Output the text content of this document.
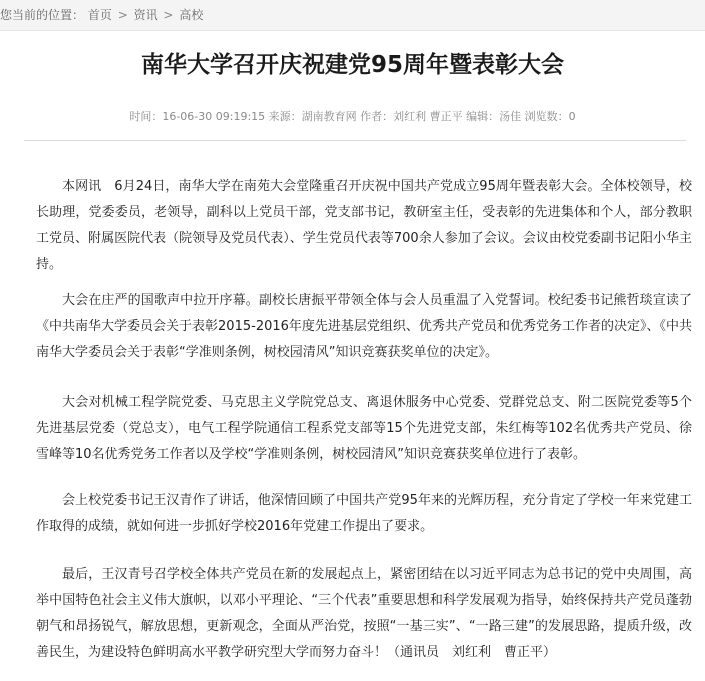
您当前的位置： 首页 > 资讯 > 高校
南华大学召开庆祝建党95周年暨表彰大会
时间：16-06-30 09:19:15 来源：湖南教育网 作者：刘红利 曹正平 编辑：汤佳 浏览数：0

本网讯　6月24日，南华大学在南苑大会堂隆重召开庆祝中国共产党成立95周年暨表彰大会。全体校领导，校长助理，党委委员，老领导，副科以上党员干部，党支部书记，教研室主任，受表彰的先进集体和个人，部分教职工党员、附属医院代表（院领导及党员代表）、学生党员代表等700余人参加了会议。会议由校党委副书记阳小华主持。

大会在庄严的国歌声中拉开序幕。副校长唐振平带领全体与会人员重温了入党誓词。校纪委书记熊哲琰宣读了《中共南华大学委员会关于表彰2015-2016年度先进基层党组织、优秀共产党员和优秀党务工作者的决定》、《中共南华大学委员会关于表彰“学准则条例，树校园清风”知识竞赛获奖单位的决定》。

大会对机械工程学院党委、马克思主义学院党总支、离退休服务中心党委、党群党总支、附二医院党委等5个先进基层党委（党总支），电气工程学院通信工程系党支部等15个先进党支部，朱红梅等102名优秀共产党员、徐雪峰等10名优秀党务工作者以及学校“学准则条例，树校园清风”知识竞赛获奖单位进行了表彰。

会上校党委书记王汉青作了讲话，他深情回顾了中国共产党95年来的光辉历程，充分肯定了学校一年来党建工作取得的成绩，就如何进一步抓好学校2016年党建工作提出了要求。

最后，王汉青号召学校全体共产党员在新的发展起点上，紧密团结在以习近平同志为总书记的党中央周围，高举中国特色社会主义伟大旗帜，以邓小平理论、“三个代表”重要思想和科学发展观为指导，始终保持共产党员蓬勃朝气和昂扬锐气，解放思想，更新观念，全面从严治党，按照“一基三实”、“一路三建”的发展思路，提质升级，改善民生，为建设特色鲜明高水平教学研究型大学而努力奋斗！（通讯员　刘红利　曹正平）
